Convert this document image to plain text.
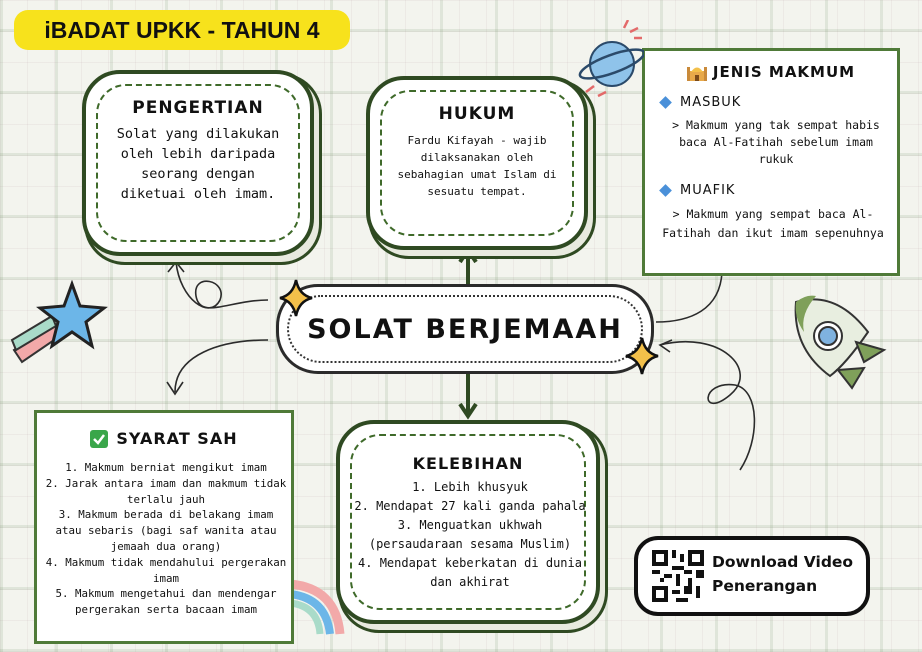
iBADAT UPKK - TAHUN 4
PENGERTIAN
Solat yang dilakukan oleh lebih daripada seorang dengan diketuai oleh imam.
HUKUM
Fardu Kifayah - wajib dilaksanakan oleh sebahagian umat Islam di sesuatu tempat.
JENIS MAKMUM
MASBUK
> Makmum yang tak sempat habis baca Al-Fatihah sebelum imam rukuk
MUAFIK
> Makmum yang sempat baca Al-Fatihah dan ikut imam sepenuhnya
SOLAT BERJEMAAH
SYARAT SAH
1. Makmum berniat mengikut imam
2. Jarak antara imam dan makmum tidak terlalu jauh
3. Makmum berada di belakang imam atau sebaris (bagi saf wanita atau jemaah dua orang)
4. Makmum tidak mendahului pergerakan imam
5. Makmum mengetahui dan mendengar pergerakan serta bacaan imam
KELEBIHAN
1. Lebih khusyuk
2. Mendapat 27 kali ganda pahala
3. Menguatkan ukhwah (persaudaraan sesama Muslim)
4. Mendapat keberkatan di dunia dan akhirat
Download Video
Penerangan
